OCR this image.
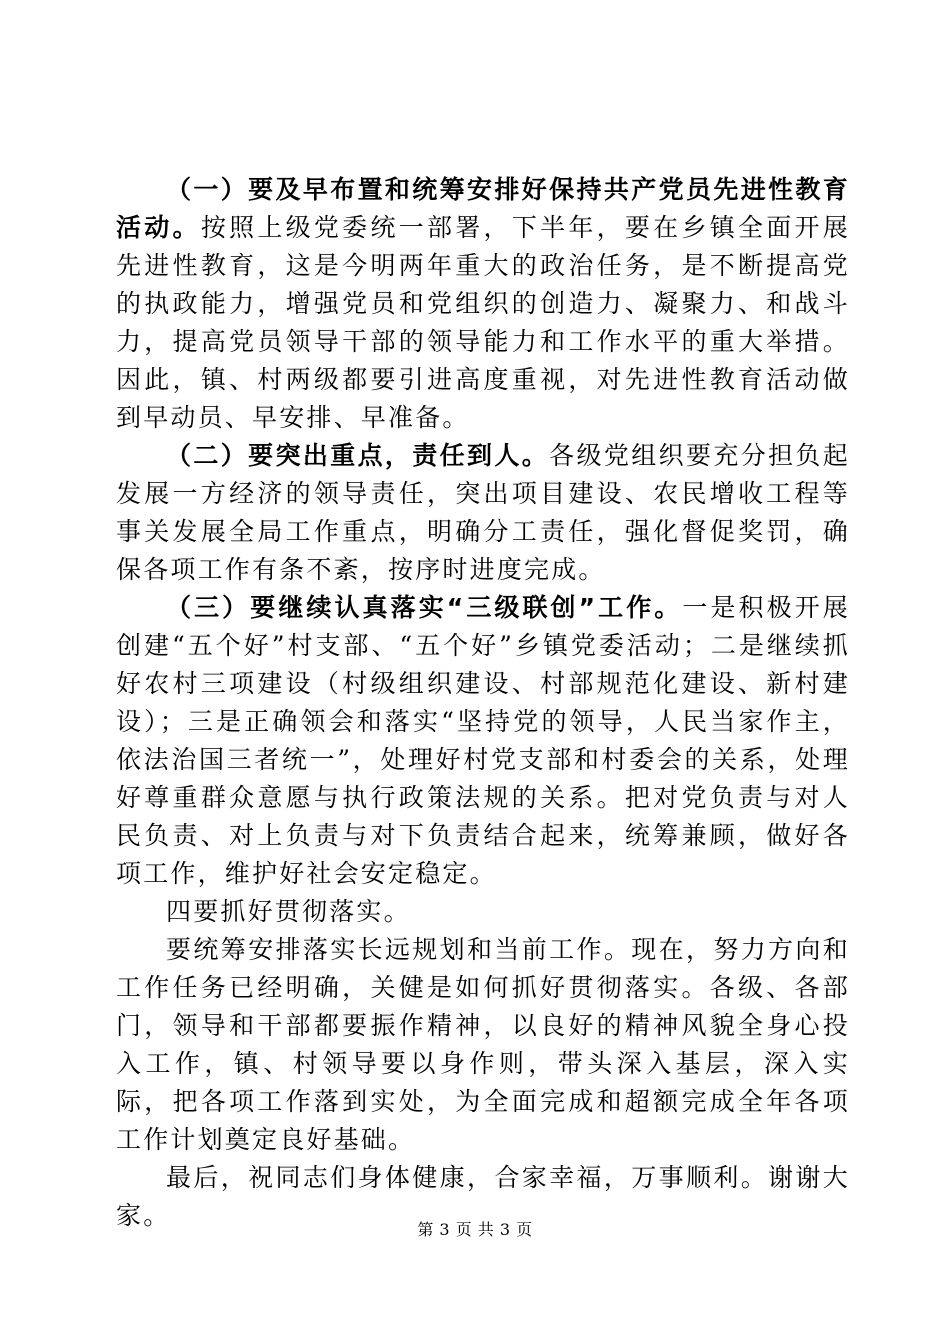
（一）要及早布置和统筹安排好保持共产党员先进性教育活动。按照上级党委统一部署，下半年，要在乡镇全面开展先进性教育，这是今明两年重大的政治任务，是不断提高党的执政能力，增强党员和党组织的创造力、凝聚力、和战斗力，提高党员领导干部的领导能力和工作水平的重大举措。因此，镇、村两级都要引进高度重视，对先进性教育活动做到早动员、早安排、早准备。

（二）要突出重点，责任到人。各级党组织要充分担负起发展一方经济的领导责任，突出项目建设、农民增收工程等事关发展全局工作重点，明确分工责任，强化督促奖罚，确保各项工作有条不紊，按序时进度完成。

（三）要继续认真落实“三级联创”工作。一是积极开展创建“五个好”村支部、“五个好”乡镇党委活动；二是继续抓好农村三项建设（村级组织建设、村部规范化建设、新村建设）；三是正确领会和落实“坚持党的领导，人民当家作主，依法治国三者统一”，处理好村党支部和村委会的关系，处理好尊重群众意愿与执行政策法规的关系。把对党负责与对人民负责、对上负责与对下负责结合起来，统筹兼顾，做好各项工作，维护好社会安定稳定。

四要抓好贯彻落实。

要统筹安排落实长远规划和当前工作。现在，努力方向和工作任务已经明确，关健是如何抓好贯彻落实。各级、各部门，领导和干部都要振作精神，以良好的精神风貌全身心投入工作，镇、村领导要以身作则，带头深入基层，深入实际，把各项工作落到实处，为全面完成和超额完成全年各项工作计划奠定良好基础。

最后，祝同志们身体健康，合家幸福，万事顺利。谢谢大家。	第 3 页 共 3 页
